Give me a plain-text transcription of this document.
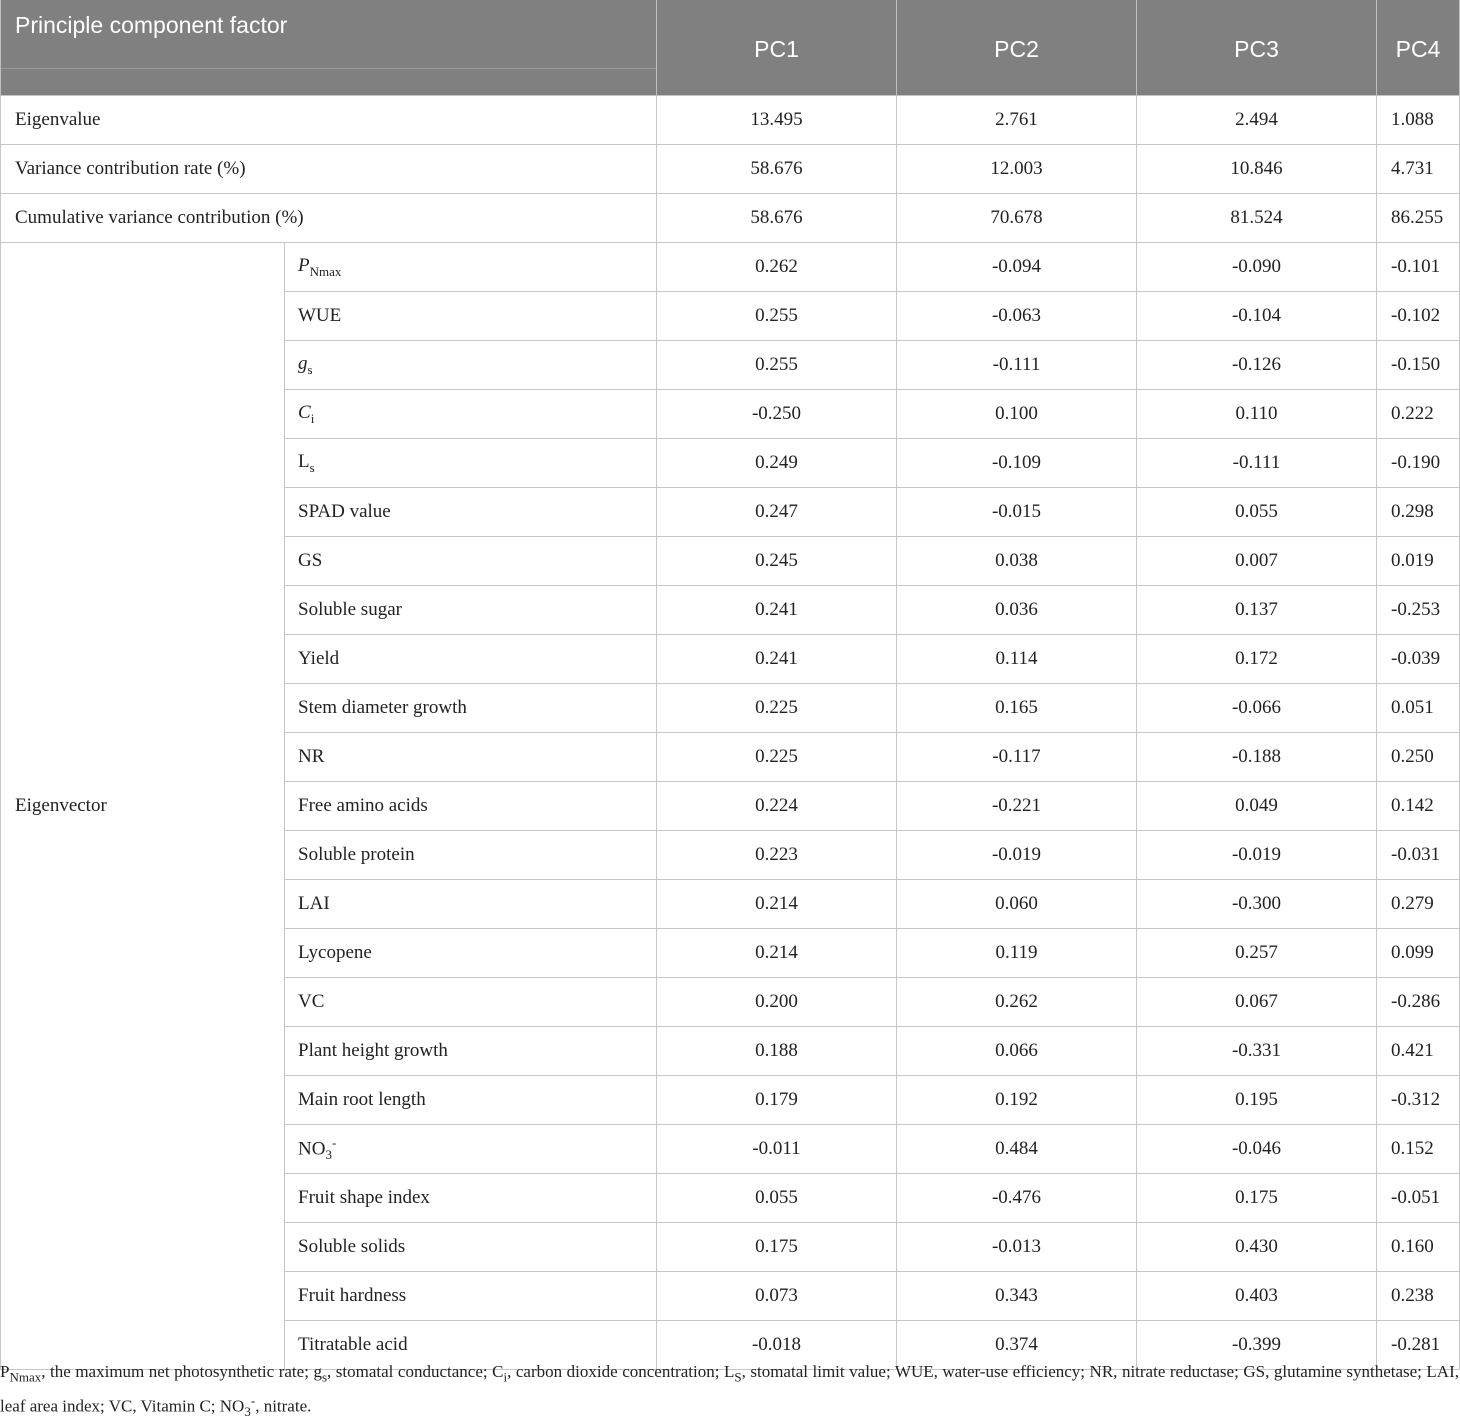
Principle component factor		PC1	PC2	PC3	PC4
Eigenvalue		13.495	2.761	2.494	1.088
Variance contribution rate (%)		58.676	12.003	10.846	4.731
Cumulative variance contribution (%)		58.676	70.678	81.524	86.255
Eigenvector	$P_{Nmax}$	0.262	-0.094	-0.090	-0.101
	WUE	0.255	-0.063	-0.104	-0.102
	$g_s$	0.255	-0.111	-0.126	-0.150
	$C_i$	-0.250	0.100	0.110	0.222
	$L_s$	0.249	-0.109	-0.111	-0.190
	SPAD value	0.247	-0.015	0.055	0.298
	GS	0.245	0.038	0.007	0.019
	Soluble sugar	0.241	0.036	0.137	-0.253
	Yield	0.241	0.114	0.172	-0.039
	Stem diameter growth	0.225	0.165	-0.066	0.051
	NR	0.225	-0.117	-0.188	0.250
	Free amino acids	0.224	-0.221	0.049	0.142
	Soluble protein	0.223	-0.019	-0.019	-0.031
	LAI	0.214	0.060	-0.300	0.279
	Lycopene	0.214	0.119	0.257	0.099
	VC	0.200	0.262	0.067	-0.286
	Plant height growth	0.188	0.066	-0.331	0.421
	Main root length	0.179	0.192	0.195	-0.312
	$NO_3^-$	-0.011	0.484	-0.046	0.152
	Fruit shape index	0.055	-0.476	0.175	-0.051
	Soluble solids	0.175	-0.013	0.430	0.160
	Fruit hardness	0.073	0.343	0.403	0.238
	Titratable acid	-0.018	0.374	-0.399	-0.281

$P_{Nmax}$, the maximum net photosynthetic rate; $g_s$, stomatal conductance; $C_i$, carbon dioxide concentration; $L_S$, stomatal limit value; WUE, water-use efficiency; NR, nitrate reductase; GS, glutamine synthetase; LAI, leaf area index; VC, Vitamin C; $NO_3^-$, nitrate.
